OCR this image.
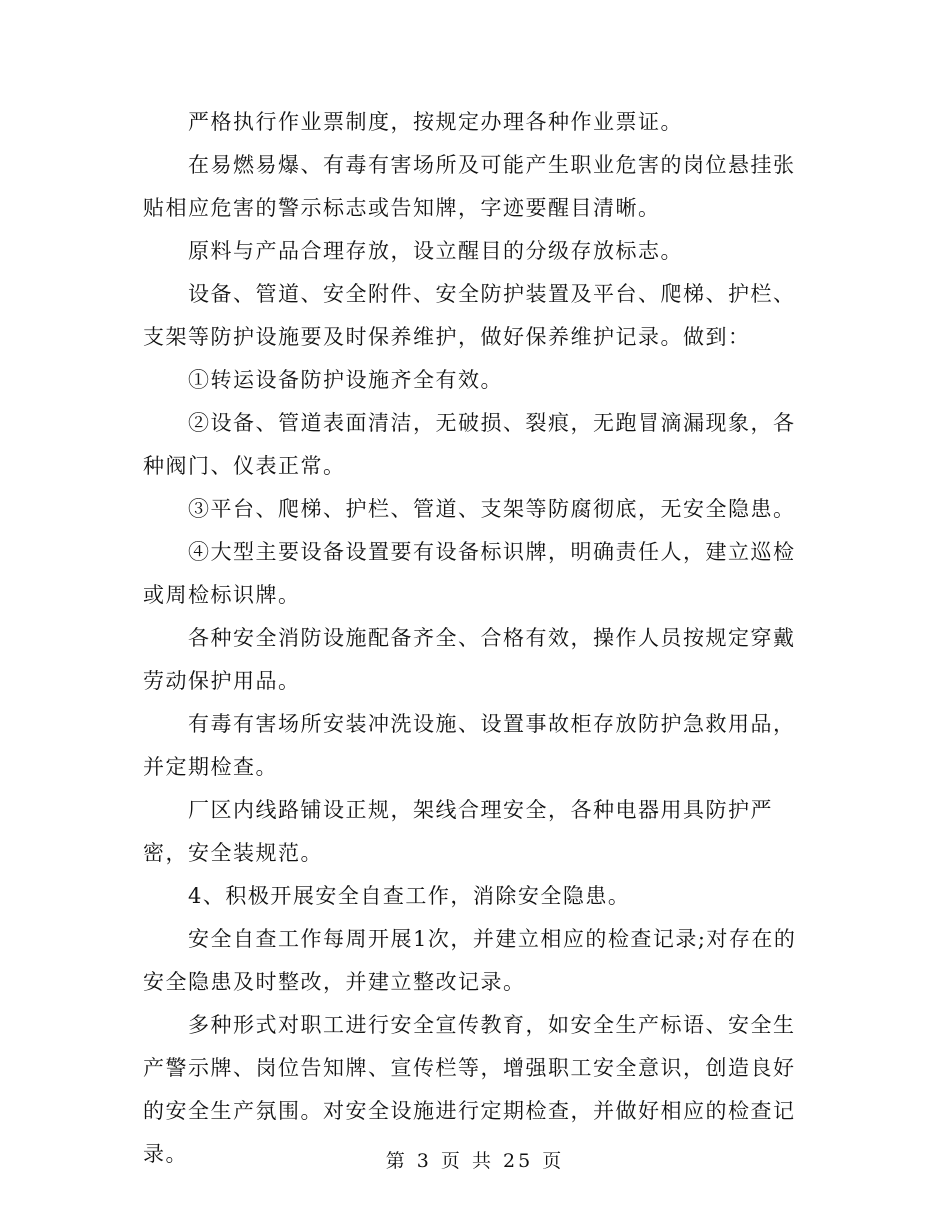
严格执行作业票制度，按规定办理各种作业票证。

在易燃易爆、有毒有害场所及可能产生职业危害的岗位悬挂张贴相应危害的警示标志或告知牌，字迹要醒目清晰。

原料与产品合理存放，设立醒目的分级存放标志。

设备、管道、安全附件、安全防护装置及平台、爬梯、护栏、支架等防护设施要及时保养维护，做好保养维护记录。做到：

①转运设备防护设施齐全有效。

②设备、管道表面清洁，无破损、裂痕，无跑冒滴漏现象，各种阀门、仪表正常。

③平台、爬梯、护栏、管道、支架等防腐彻底，无安全隐患。

④大型主要设备设置要有设备标识牌，明确责任人，建立巡检或周检标识牌。

各种安全消防设施配备齐全、合格有效，操作人员按规定穿戴劳动保护用品。

有毒有害场所安装冲洗设施、设置事故柜存放防护急救用品，并定期检查。

厂区内线路铺设正规，架线合理安全，各种电器用具防护严密，安全装规范。

4、积极开展安全自查工作，消除安全隐患。

安全自查工作每周开展1次，并建立相应的检查记录;对存在的安全隐患及时整改，并建立整改记录。

多种形式对职工进行安全宣传教育，如安全生产标语、安全生产警示牌、岗位告知牌、宣传栏等，增强职工安全意识，创造良好的安全生产氛围。对安全设施进行定期检查，并做好相应的检查记录。	第 3 页 共 25 页
